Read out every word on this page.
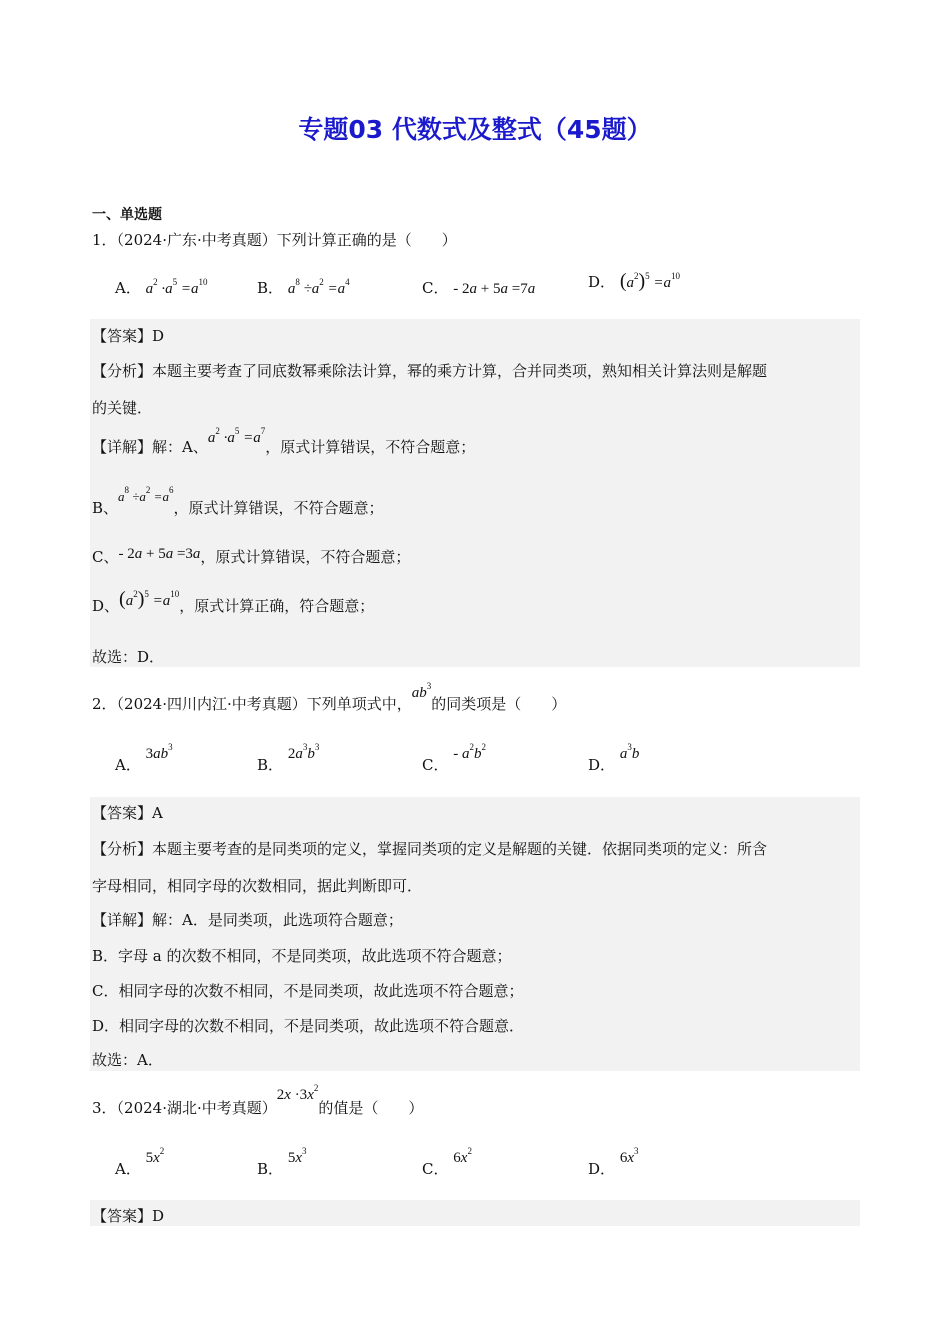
专题03 代数式及整式（45题）
一、单选题
1．（2024·广东·中考真题）下列计算正确的是（　　）
A． $a^2 \cdot a^5 =a^{10}$	B． $a^8 \div a^2 =a^4$	C． - 2a + 5a =7a	D． $(a^2)^5 =a^{10}$
【答案】D
【分析】本题主要考查了同底数幂乘除法计算，幂的乘方计算，合并同类项，熟知相关计算法则是解题
的关键．
【详解】解：A、$a^2 \cdot a^5 =a^7$，原式计算错误，不符合题意；
B、$a^8 \div a^2 =a^6$，原式计算错误，不符合题意；
C、- 2a + 5a =3a，原式计算错误，不符合题意；
D、$(a^2)^5 =a^{10}$，原式计算正确，符合题意；
故选：D．
2．（2024·四川内江·中考真题）下列单项式中，$ab^3$的同类项是（　　）
A． $3ab^3$
B． $2a^3b^3$
C． - $a^2b^2$
D． $a^3b$
【答案】A
【分析】本题主要考查的是同类项的定义，掌握同类项的定义是解题的关键．依据同类项的定义：所含
字母相同，相同字母的次数相同，据此判断即可．
【详解】解：A．是同类项，此选项符合题意；
B．字母 a 的次数不相同，不是同类项，故此选项不符合题意；
C．相同字母的次数不相同，不是同类项，故此选项不符合题意；
D．相同字母的次数不相同，不是同类项，故此选项不符合题意．
故选：A．
3．（2024·湖北·中考真题）$2x \cdot 3x^2$的值是（　　）
A． $5x^2$
B． $5x^3$
C． $6x^2$
D． $6x^3$
【答案】D
